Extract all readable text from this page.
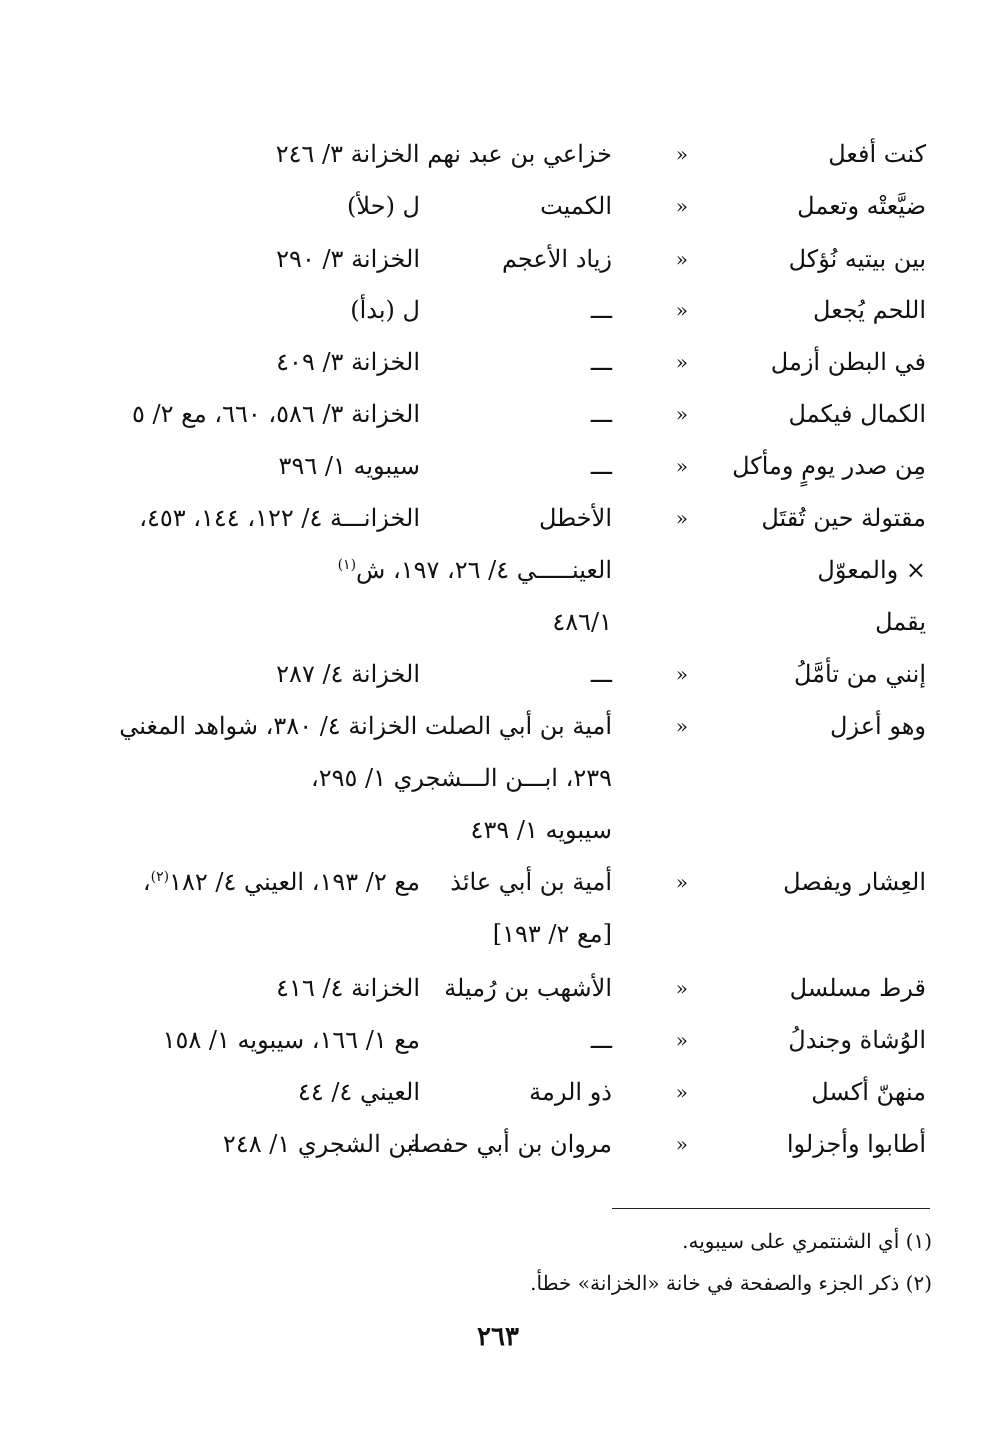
كنت أفعل
«
خزاعي بن عبد نهم الخزانة ٣/ ٢٤٦
ضيَّعتْه وتعمل
«
الكميت
ل (حلأ)
بين بيتيه نُؤكل
«
زياد الأعجم
الخزانة ٣/ ٢٩٠
اللحم يُجعل
«
ـــ
ل (بدأ)
في البطن أزمل
«
ـــ
الخزانة ٣/ ٤٠٩
الكمال فيكمل
«
ـــ
الخزانة ٣/ ٥٨٦، ٦٦٠، مع ٢/ ٥
مِن صدر يومٍ ومأكل
«
ـــ
سيبويه ١/ ٣٩٦
مقتولة حين تُقتَل
«
الأخطل
الخزانـــة ٤/ ١٢٢، ١٤٤، ٤٥٣،
× والمعوّل
العينـــــي ٤/ ٢٦، ١٩٧، ش$^{(١)}$
يقمل
٤٨٦/١
إنني من تأمَّلُ
«
ـــ
الخزانة ٤/ ٢٨٧
وهو أعزل
«
أمية بن أبي الصلت الخزانة ٤/ ٣٨٠، شواهد المغني
٢٣٩، ابـــن الـــشجري ١/ ٢٩٥،
سيبويه ١/ ٤٣٩
العِشار ويفصل
«
أمية بن أبي عائذ
مع ٢/ ١٩٣، العيني ٤/ ١٨٢$^{(٢)}$،
[مع ٢/ ١٩٣]
قرط مسلسل
«
الأشهب بن رُميلة
الخزانة ٤/ ٤١٦
الوُشاة وجندلُ
«
ـــ
مع ١/ ١٦٦، سيبويه ١/ ١٥٨
منهنّ أكسل
«
ذو الرمة
العيني ٤/ ٤٤
أطابوا وأجزلوا
«
مروان بن أبي حفصة
ابن الشجري ١/ ٢٤٨
(١) أي الشنتمري على سيبويه.
(٢) ذكر الجزء والصفحة في خانة «الخزانة» خطأ.
٢٦٣
